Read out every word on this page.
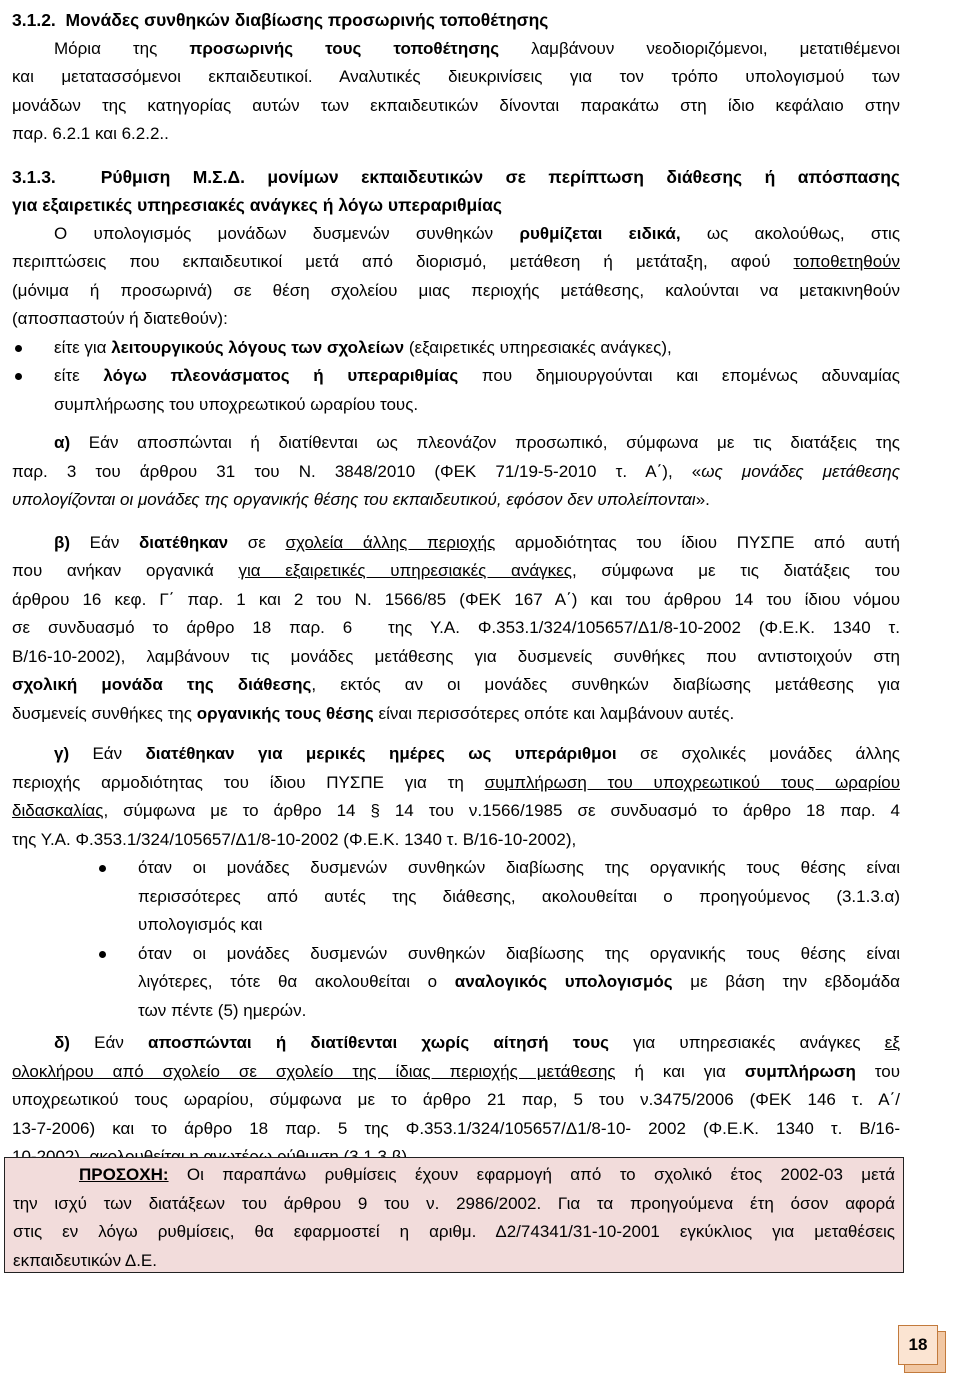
3.1.2.  Μονάδες συνθηκών διαβίωσης προσωρινής τοποθέτησης
Μόρια της προσωρινής τους τοποθέτησης λαμβάνουν νεοδιοριζόμενοι, μετατιθέμενοι
και μετατασσόμενοι εκπαιδευτικοί. Αναλυτικές διευκρινίσεις για τον τρόπο υπολογισμού των
μονάδων της κατηγορίας αυτών των εκπαιδευτικών δίνονται παρακάτω στη ίδιο κεφάλαιο στην
παρ. 6.2.1 και 6.2.2..
3.1.3.  Ρύθμιση Μ.Σ.Δ. μονίμων εκπαιδευτικών σε περίπτωση διάθεσης ή απόσπασης
για εξαιρετικές υπηρεσιακές ανάγκες ή λόγω υπεραριθμίας
Ο υπολογισμός μονάδων δυσμενών συνθηκών ρυθμίζεται ειδικά, ως ακολούθως, στις
περιπτώσεις που εκπαιδευτικοί μετά από διορισμό, μετάθεση ή μετάταξη, αφού τοποθετηθούν
(μόνιμα ή προσωρινά) σε θέση σχολείου μιας περιοχής μετάθεσης, καλούνται να μετακινηθούν
(αποσπαστούν ή διατεθούν):
είτε για λειτουργικούς λόγους των σχολείων (εξαιρετικές υπηρεσιακές ανάγκες),
είτε λόγω πλεονάσματος ή υπεραριθμίας που δημιουργούνται και επομένως αδυναμίας
συμπλήρωσης του υποχρεωτικού ωραρίου τους.
α) Εάν αποσπώνται ή διατίθενται ως πλεονάζον προσωπικό, σύμφωνα με τις διατάξεις της
παρ. 3 του άρθρου 31 του Ν. 3848/2010 (ΦΕΚ 71/19-5-2010 τ. Α΄), «ως μονάδες μετάθεσης
υπολογίζονται οι μονάδες της οργανικής θέσης του εκπαιδευτικού, εφόσον δεν υπολείπονται».
β) Εάν διατέθηκαν σε σχολεία άλλης περιοχής αρμοδιότητας του ίδιου ΠΥΣΠΕ από αυτή
που ανήκαν οργανικά για εξαιρετικές υπηρεσιακές ανάγκες, σύμφωνα με τις διατάξεις του
άρθρου 16 κεφ. Γ΄ παρ. 1 και 2 του Ν. 1566/85 (ΦΕΚ 167 Α΄) και του άρθρου 14 του ίδιου νόμου
σε συνδυασμό το άρθρο 18 παρ. 6  της Υ.Α. Φ.353.1/324/105657/Δ1/8-10-2002 (Φ.Ε.Κ. 1340 τ.
Β/16-10-2002), λαμβάνουν τις μονάδες μετάθεσης για δυσμενείς συνθήκες που αντιστοιχούν στη
σχολική μονάδα της διάθεσης, εκτός αν οι μονάδες συνθηκών διαβίωσης μετάθεσης για
δυσμενείς συνθήκες της οργανικής τους θέσης είναι περισσότερες οπότε και λαμβάνουν αυτές.
γ) Εάν διατέθηκαν για μερικές ημέρες ως υπεράριθμοι σε σχολικές μονάδες άλλης
περιοχής αρμοδιότητας του ίδιου ΠΥΣΠΕ για τη συμπλήρωση του υποχρεωτικού τους ωραρίου
διδασκαλίας, σύμφωνα με το άρθρο 14 § 14 του ν.1566/1985 σε συνδυασμό το άρθρο 18 παρ. 4
της Υ.Α. Φ.353.1/324/105657/Δ1/8-10-2002 (Φ.Ε.Κ. 1340 τ. Β/16-10-2002),
όταν οι μονάδες δυσμενών συνθηκών διαβίωσης της οργανικής τους θέσης είναι
περισσότερες από αυτές της διάθεσης, ακολουθείται ο προηγούμενος (3.1.3.α)
υπολογισμός και
όταν οι μονάδες δυσμενών συνθηκών διαβίωσης της οργανικής τους θέσης είναι
λιγότερες, τότε θα ακολουθείται ο αναλογικός υπολογισμός με βάση την εβδομάδα
των πέντε (5) ημερών.
δ) Εάν αποσπώνται ή διατίθενται χωρίς αίτησή τους για υπηρεσιακές ανάγκες εξ
ολοκλήρου από σχολείο σε σχολείο της ίδιας περιοχής μετάθεσης ή και για συμπλήρωση του
υποχρεωτικού τους ωραρίου, σύμφωνα με το άρθρο 21 παρ, 5 του ν.3475/2006 (ΦΕΚ 146 τ. Α΄/
13-7-2006) και το άρθρο 18 παρ. 5 της Φ.353.1/324/105657/Δ1/8-10- 2002 (Φ.Ε.Κ. 1340 τ. Β/16-
ΠΡΟΣΟΧΗ: Οι παραπάνω ρυθμίσεις έχουν εφαρμογή από το σχολικό έτος 2002-03 μετά
την ισχύ των διατάξεων του άρθρου 9 του ν. 2986/2002. Για τα προηγούμενα έτη όσον αφορά
στις εν λόγω ρυθμίσεις, θα εφαρμοστεί η αριθμ. Δ2/74341/31-10-2001 εγκύκλιος για μεταθέσεις
εκπαιδευτικών Δ.Ε.
18
